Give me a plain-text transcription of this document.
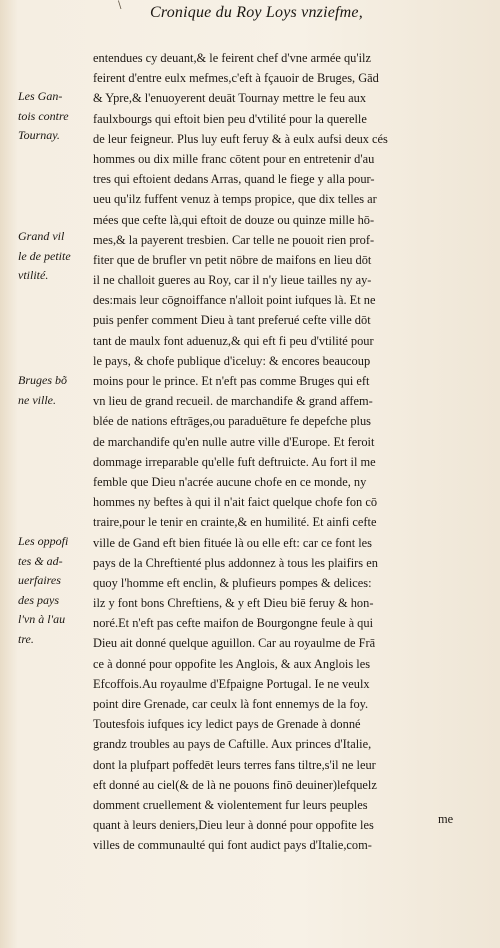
\ Cronique du Roy Loys vnziefme,
Les Gan-
tois contre
Tournay.
Grand vil
le de petite
vtilité.
Bruges bõ
ne ville.
Les oppofi
tes & ad-
uerfaires
des pays
l'vn à l'au
tre.
entendues cy deuant,& le feirent chef d'vne armée qu'ilz
feirent d'entre eulx mefmes,c'eft à fçauoir de Bruges, Gād
& Ypre,& l'enuoyerent deuāt Tournay mettre le feu aux
faulxbourgs qui eftoit bien peu d'vtilité pour la querelle
de leur feigneur. Plus luy euft feruy & à eulx aufsi deux cés
hommes ou dix mille franc cōtent pour en entretenir d'au
tres qui eftoient dedans Arras, quand le fiege y alla pour-
ueu qu'ilz fuffent venuz à temps propice, que dix telles ar
mées que cefte là,qui eftoit de douze ou quinze mille hō-
mes,& la payerent tresbien. Car telle ne pouoit rien prof-
fiter que de brufler vn petit nōbre de maifons en lieu dōt
il ne challoit gueres au Roy, car il n'y lieue tailles ny ay-
des:mais leur cōgnoiffance n'alloit point iufques là. Et ne
puis penfer comment Dieu à tant preferué cefte ville dōt
tant de maulx font aduenuz,& qui eft fi peu d'vtilité pour
le pays, & chofe publique d'iceluy: & encores beaucoup
moins pour le prince. Et n'eft pas comme Bruges qui eft
vn lieu de grand recueil. de marchandife & grand affem-
blée de nations eftrāges,ou paraduēture fe depefche plus
de marchandife qu'en nulle autre ville d'Europe. Et feroit
dommage irreparable qu'elle fuft deftruicte. Au fort il me
femble que Dieu n'acrée aucune chofe en ce monde, ny
hommes ny beftes à qui il n'ait faict quelque chofe fon cō
traire,pour le tenir en crainte,& en humilité. Et ainfi cefte
ville de Gand eft bien fituée là ou elle eft: car ce font les
pays de la Chreftienté plus addonnez à tous les plaifirs en
quoy l'homme eft enclin, & plufieurs pompes & delices:
ilz y font bons Chreftiens, & y eft Dieu biē feruy & hon-
noré.Et n'eft pas cefte maifon de Bourgongne feule à qui
Dieu ait donné quelque aguillon. Car au royaulme de Frā
ce à donné pour oppofite les Anglois, & aux Anglois les
Efcoffois.Au royaulme d'Efpaigne Portugal. Ie ne veulx
point dire Grenade, car ceulx là font ennemys de la foy.
Toutesfois iufques icy ledict pays de Grenade à donné
grandz troubles au pays de Caftille. Aux princes d'Italie,
dont la plufpart poffedēt leurs terres fans tiltre,s'il ne leur
eft donné au ciel(& de là ne pouons finō deuiner)lefquelz
domment cruellement & violentement fur leurs peuples
quant à leurs deniers,Dieu leur à donné pour oppofite les
villes de communaulté qui font audict pays d'Italie,com-
me
